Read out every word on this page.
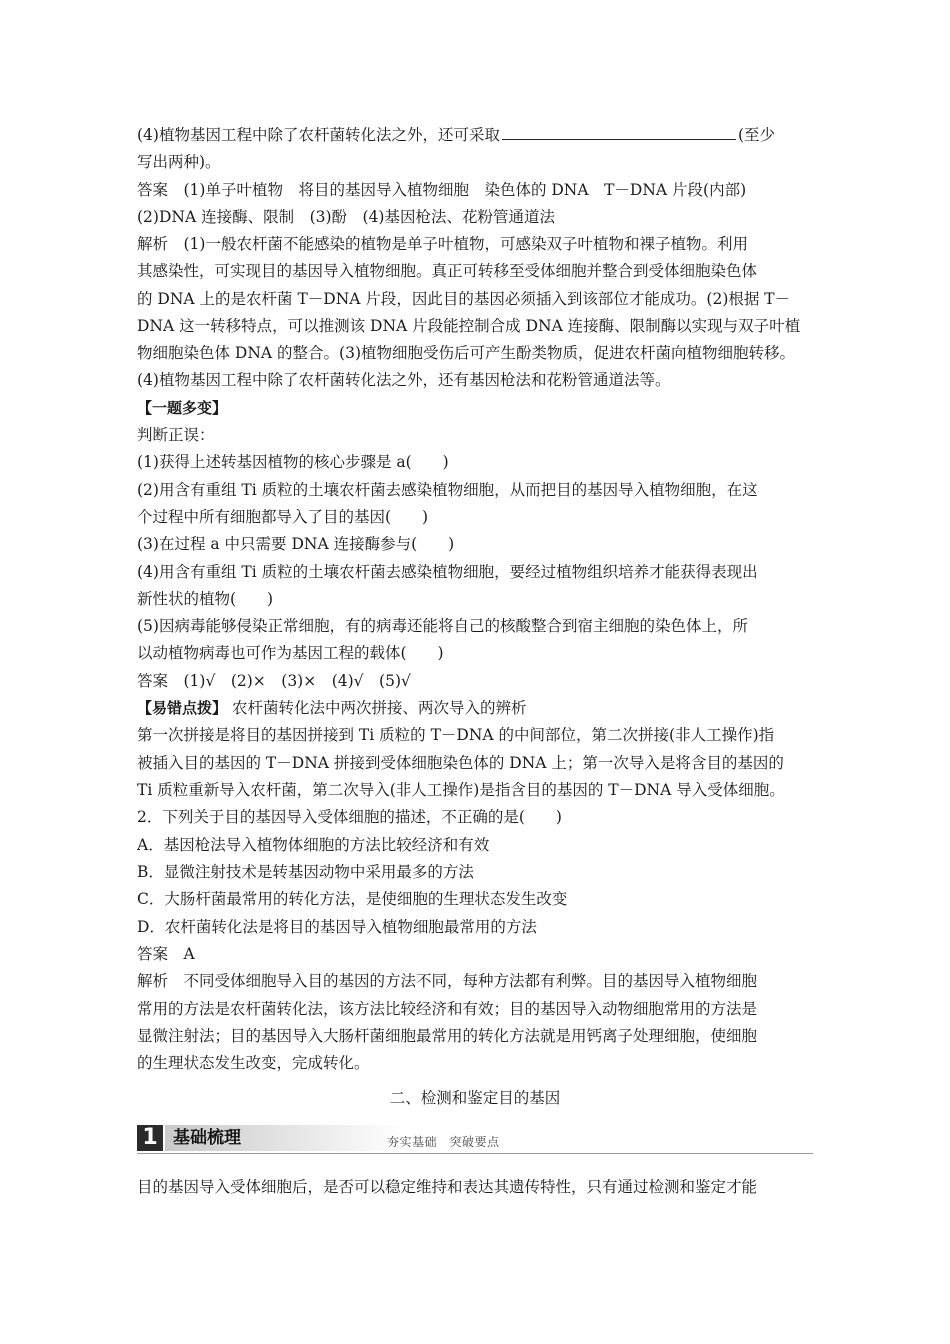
(4)植物基因工程中除了农杆菌转化法之外，还可采取	(至少
写出两种)。
答案　(1)单子叶植物　将目的基因导入植物细胞　染色体的 DNA　T－DNA 片段(内部)
(2)DNA 连接酶、限制　(3)酚　(4)基因枪法、花粉管通道法
解析　(1)一般农杆菌不能感染的植物是单子叶植物，可感染双子叶植物和裸子植物。利用
其感染性，可实现目的基因导入植物细胞。真正可转移至受体细胞并整合到受体细胞染色体
的 DNA 上的是农杆菌 T－DNA 片段，因此目的基因必须插入到该部位才能成功。(2)根据 T－
DNA 这一转移特点，可以推测该 DNA 片段能控制合成 DNA 连接酶、限制酶以实现与双子叶植
物细胞染色体 DNA 的整合。(3)植物细胞受伤后可产生酚类物质，促进农杆菌向植物细胞转移。
(4)植物基因工程中除了农杆菌转化法之外，还有基因枪法和花粉管通道法等。
【一题多变】
判断正误：
(1)获得上述转基因植物的核心步骤是 a(　　)
(2)用含有重组 Ti 质粒的土壤农杆菌去感染植物细胞，从而把目的基因导入植物细胞，在这
个过程中所有细胞都导入了目的基因(　　)
(3)在过程 a 中只需要 DNA 连接酶参与(　　)
(4)用含有重组 Ti 质粒的土壤农杆菌去感染植物细胞，要经过植物组织培养才能获得表现出
新性状的植物(　　)
(5)因病毒能够侵染正常细胞，有的病毒还能将自己的核酸整合到宿主细胞的染色体上，所
以动植物病毒也可作为基因工程的载体(　　)
答案　(1)√　(2)×　(3)×　(4)√　(5)√
【易错点拨】 农杆菌转化法中两次拼接、两次导入的辨析
第一次拼接是将目的基因拼接到 Ti 质粒的 T－DNA 的中间部位，第二次拼接(非人工操作)指
被插入目的基因的 T－DNA 拼接到受体细胞染色体的 DNA 上；第一次导入是将含目的基因的
Ti 质粒重新导入农杆菌，第二次导入(非人工操作)是指含目的基因的 T－DNA 导入受体细胞。
2．下列关于目的基因导入受体细胞的描述，不正确的是(　　)
A．基因枪法导入植物体细胞的方法比较经济和有效
B．显微注射技术是转基因动物中采用最多的方法
C．大肠杆菌最常用的转化方法，是使细胞的生理状态发生改变
D．农杆菌转化法是将目的基因导入植物细胞最常用的方法
答案　A
解析　不同受体细胞导入目的基因的方法不同，每种方法都有利弊。目的基因导入植物细胞
常用的方法是农杆菌转化法，该方法比较经济和有效；目的基因导入动物细胞常用的方法是
显微注射法；目的基因导入大肠杆菌细胞最常用的转化方法就是用钙离子处理细胞，使细胞
的生理状态发生改变，完成转化。
二、检测和鉴定目的基因
1 基础梳理	夯实基础　突破要点
目的基因导入受体细胞后，是否可以稳定维持和表达其遗传特性，只有通过检测和鉴定才能
